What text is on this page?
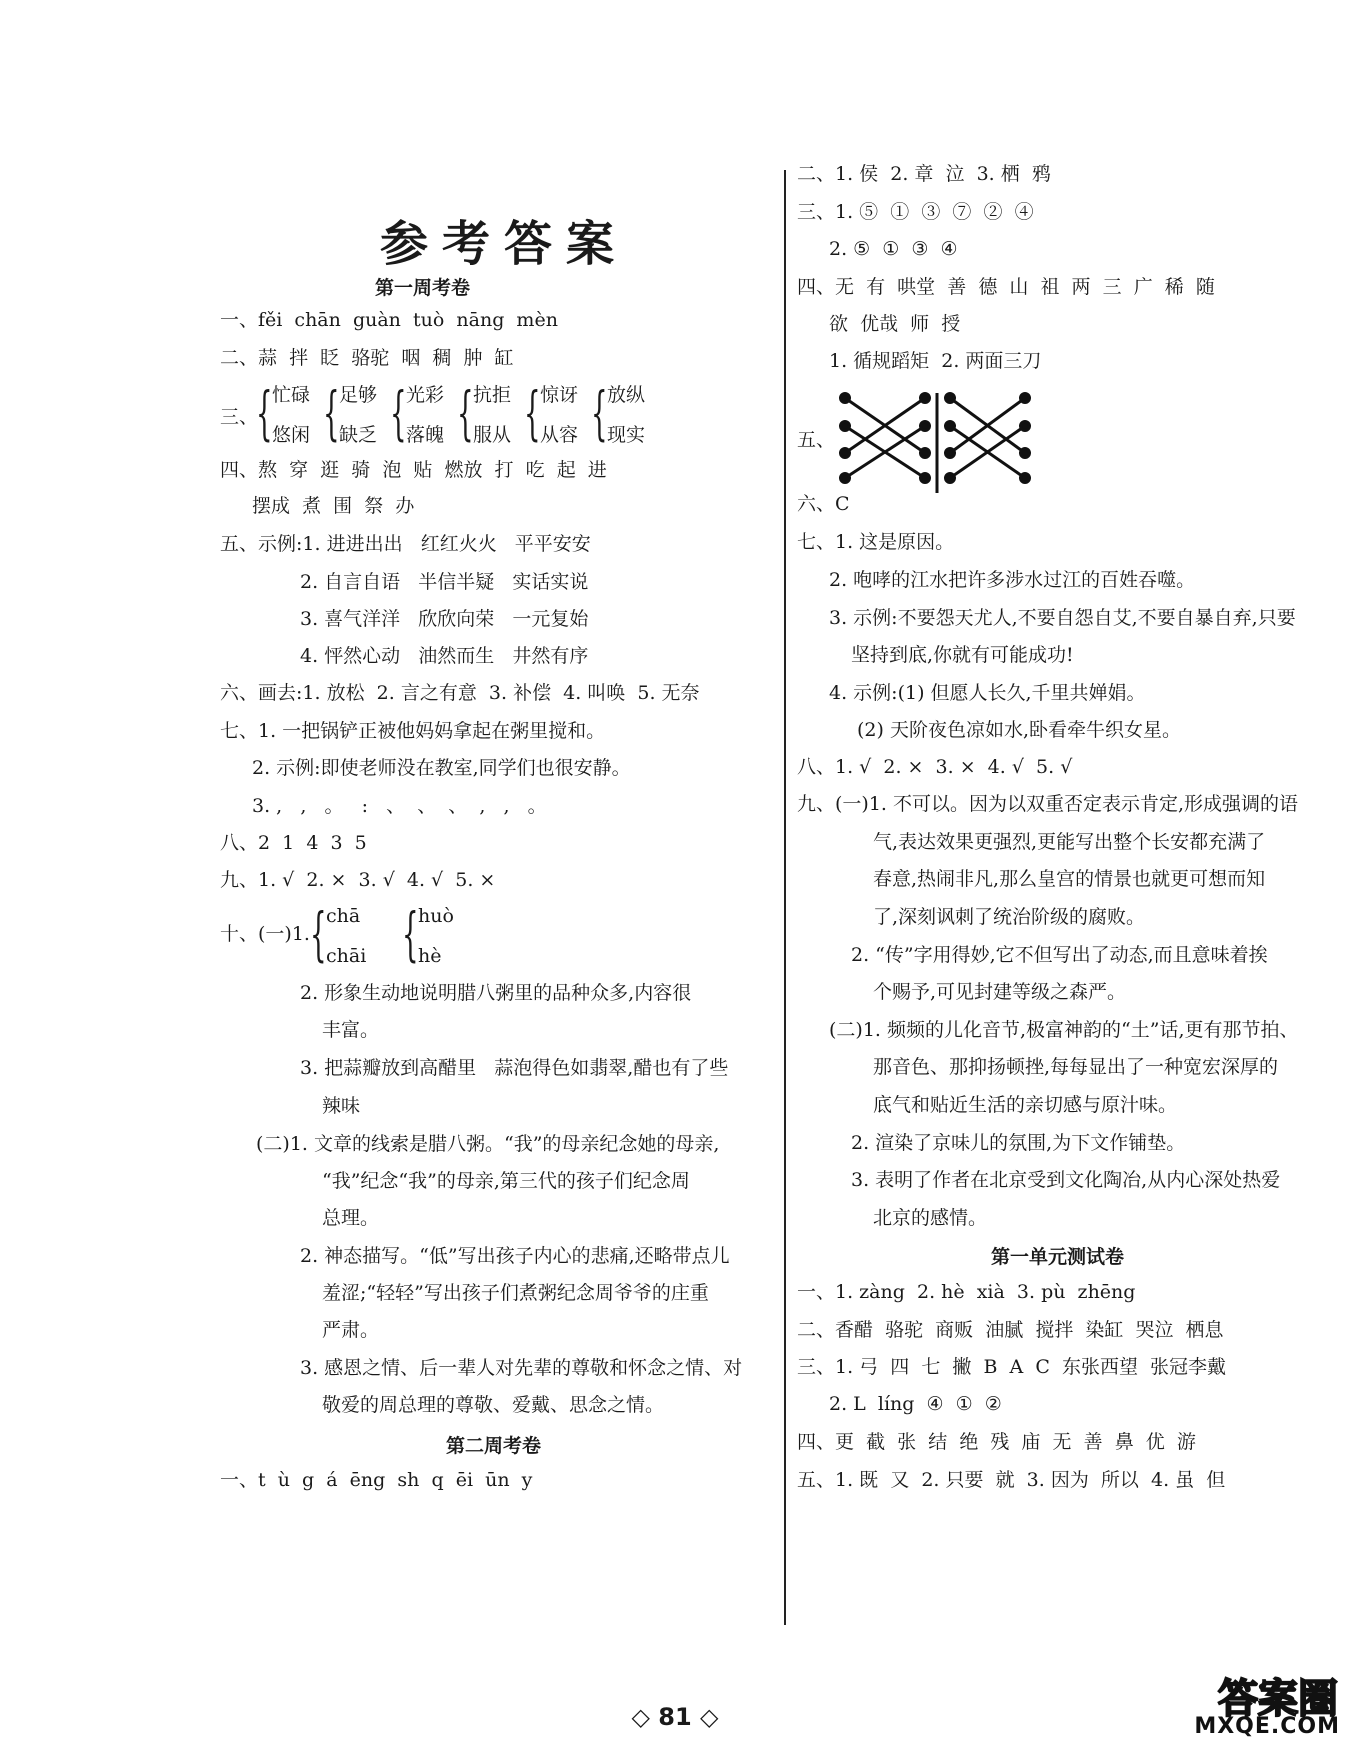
参考答案
第一周考卷
一、fěi  chān  guàn  tuò  nāng  mèn
二、蒜  拌  眨  骆驼  咽  稠  肿  缸
三、
{ 忙碌
悠闲 { 足够
缺乏 { 光彩
落魄 { 抗拒
服从 { 惊讶
从容 { 放纵
现实
四、熬  穿  逛  骑  泡  贴  燃放  打  吃  起  进
摆成  煮  围  祭  办
五、示例:1. 进进出出   红红火火   平平安安
2. 自言自语   半信半疑   实话实说
3. 喜气洋洋   欣欣向荣   一元复始
4. 怦然心动   油然而生   井然有序
六、画去:1. 放松  2. 言之有意  3. 补偿  4. 叫唤  5. 无奈
七、1. 一把锅铲正被他妈妈拿起在粥里搅和。
2. 示例:即使老师没在教室,同学们也很安静。
3. ,   ,   。   :   、  、  、  ,   ,   。
八、2  1  4  3  5
九、1. √  2. ×  3. √  4. √  5. ×
十、(一)1. { chā
chāi { huò
hè
2. 形象生动地说明腊八粥里的品种众多,内容很
丰富。
3. 把蒜瓣放到高醋里   蒜泡得色如翡翠,醋也有了些
辣味
(二)1. 文章的线索是腊八粥。“我”的母亲纪念她的母亲,
“我”纪念“我”的母亲,第三代的孩子们纪念周
总理。
2. 神态描写。“低”写出孩子内心的悲痛,还略带点儿
羞涩;“轻轻”写出孩子们煮粥纪念周爷爷的庄重
严肃。
3. 感恩之情、后一辈人对先辈的尊敬和怀念之情、对
敬爱的周总理的尊敬、爱戴、思念之情。
第二周考卷
一、t  ù  g  á  ēng  sh  q  ēi  ūn  y
二、1. 侯  2. 章  泣  3. 栖  鸦
三、1. ⑤  ①  ③  ⑦  ②  ④
2. ⑤  ①  ③  ④
四、无  有  哄堂  善  德  山  祖  两  三  广  稀  随
欲  优哉  师  授
1. 循规蹈矩  2. 两面三刀
五、
六、C
七、1. 这是原因。
2. 咆哮的江水把许多涉水过江的百姓吞噬。
3. 示例:不要怨天尤人,不要自怨自艾,不要自暴自弃,只要
坚持到底,你就有可能成功!
4. 示例:(1) 但愿人长久,千里共婵娟。
(2) 天阶夜色凉如水,卧看牵牛织女星。
八、1. √  2. ×  3. ×  4. √  5. √
九、(一)1. 不可以。因为以双重否定表示肯定,形成强调的语
气,表达效果更强烈,更能写出整个长安都充满了
春意,热闹非凡,那么皇宫的情景也就更可想而知
了,深刻讽刺了统治阶级的腐败。
2. “传”字用得妙,它不但写出了动态,而且意味着挨
个赐予,可见封建等级之森严。
(二)1. 频频的儿化音节,极富神韵的“土”话,更有那节拍、
那音色、那抑扬顿挫,每每显出了一种宽宏深厚的
底气和贴近生活的亲切感与原汁味。
2. 渲染了京味儿的氛围,为下文作铺垫。
3. 表明了作者在北京受到文化陶冶,从内心深处热爱
北京的感情。
第一单元测试卷
一、1. zàng  2. hè  xià  3. pù  zhēng
二、香醋  骆驼  商贩  油腻  搅拌  染缸  哭泣  栖息
三、1. 弓  四  七  撇  B  A  C  东张西望  张冠李戴
2. L  líng  ④  ①  ②
四、更  截  张  结  绝  残  庙  无  善  鼻  优  游
五、1. 既  又  2. 只要  就  3. 因为  所以  4. 虽  但
◇ 81 ◇	答案圈
MXQE.COM
